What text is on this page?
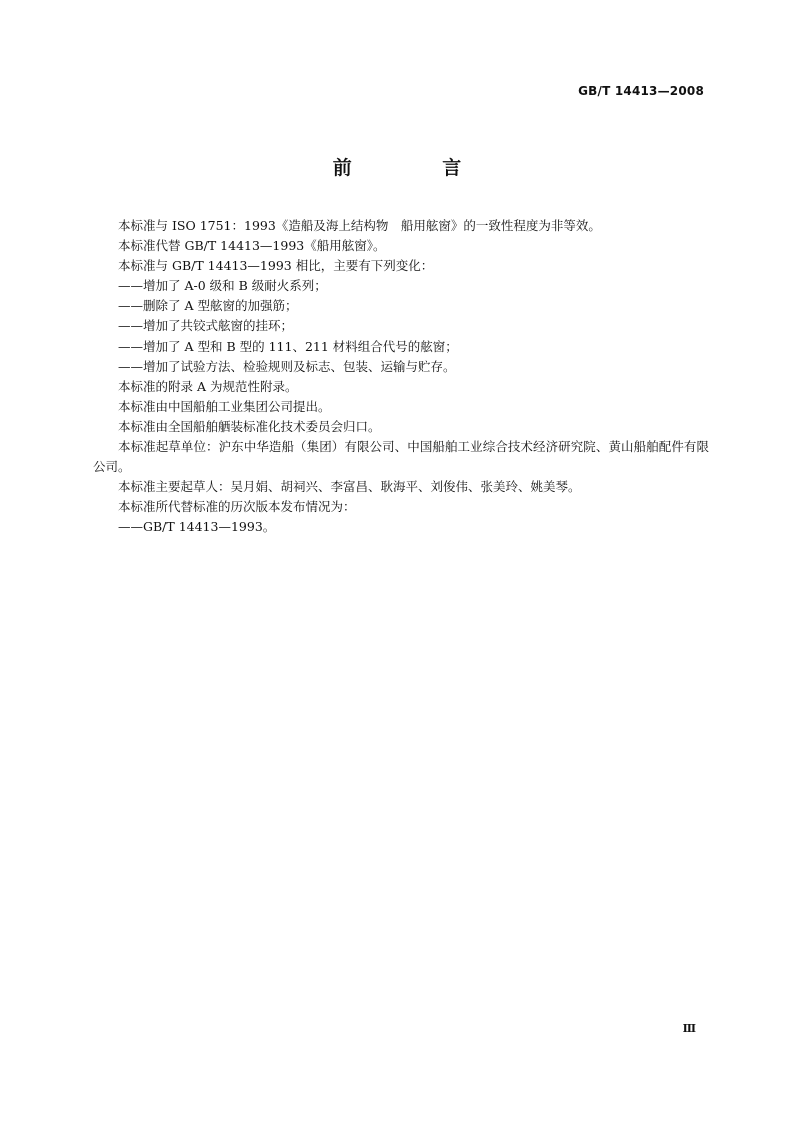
GB/T 14413—2008
前 言

本标准与 ISO 1751：1993《造船及海上结构物　船用舷窗》的一致性程度为非等效。

本标准代替 GB/T 14413—1993《船用舷窗》。

本标准与 GB/T 14413—1993 相比，主要有下列变化：

——增加了 A-0 级和 B 级耐火系列；

——删除了 A 型舷窗的加强筋；

——增加了共铰式舷窗的挂环；

——增加了 A 型和 B 型的 111、211 材料组合代号的舷窗；

——增加了试验方法、检验规则及标志、包装、运输与贮存。

本标准的附录 A 为规范性附录。

本标准由中国船舶工业集团公司提出。

本标准由全国船舶舾装标准化技术委员会归口。

本标准起草单位：沪东中华造船（集团）有限公司、中国船舶工业综合技术经济研究院、黄山船舶配件有限公司。

本标准主要起草人：吴月娟、胡祠兴、李富昌、耿海平、刘俊伟、张美玲、姚美琴。

本标准所代替标准的历次版本发布情况为：

——GB/T 14413—1993。

Ⅲ
